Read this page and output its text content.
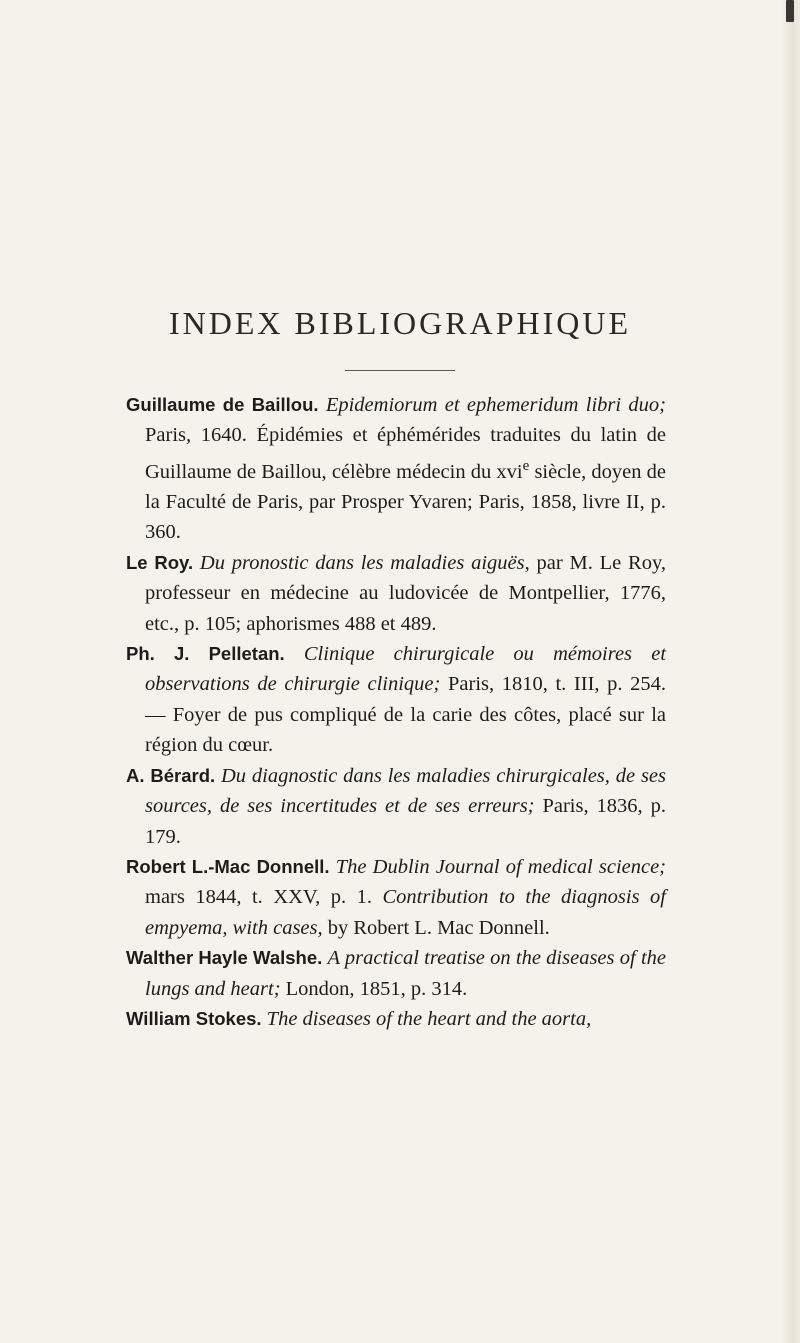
INDEX BIBLIOGRAPHIQUE

Guillaume de Baillou. Epidemiorum et ephemeridum libri duo; Paris, 1640. Épidémies et éphémérides traduites du latin de Guillaume de Baillou, célèbre médecin du xvi$^e$ siècle, doyen de la Faculté de Paris, par Prosper Yvaren; Paris, 1858, livre II, p. 360.

Le Roy. Du pronostic dans les maladies aiguës, par M. Le Roy, professeur en médecine au ludovicée de Montpellier, 1776, etc., p. 105; aphorismes 488 et 489.

Ph. J. Pelletan. Clinique chirurgicale ou mémoires et observations de chirurgie clinique; Paris, 1810, t. III, p. 254. — Foyer de pus compliqué de la carie des côtes, placé sur la région du cœur.

A. Bérard. Du diagnostic dans les maladies chirurgicales, de ses sources, de ses incertitudes et de ses erreurs; Paris, 1836, p. 179.

Robert L.-Mac Donnell. The Dublin Journal of medical science; mars 1844, t. XXV, p. 1. Contribution to the diagnosis of empyema, with cases, by Robert L. Mac Donnell.

Walther Hayle Walshe. A practical treatise on the diseases of the lungs and heart; London, 1851, p. 314.

William Stokes. The diseases of the heart and the aorta,
